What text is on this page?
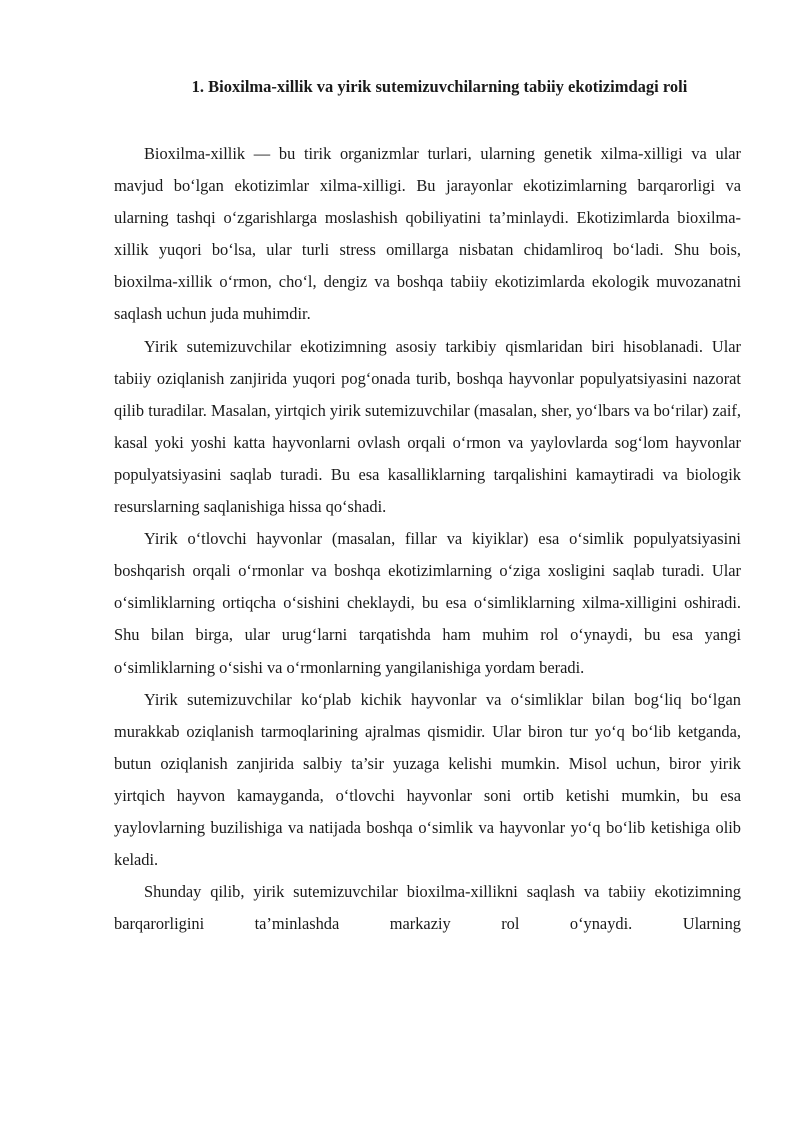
1. Bioxilma-xillik va yirik sutemizuvchilarning tabiiy ekotizimdagi roli

Bioxilma-xillik — bu tirik organizmlar turlari, ularning genetik xilma-xilligi va ular mavjud bo‘lgan ekotizimlar xilma-xilligi. Bu jarayonlar ekotizimlarning barqarorligi va ularning tashqi o‘zgarishlarga moslashish qobiliyatini ta’minlaydi. Ekotizimlarda bioxilma-xillik yuqori bo‘lsa, ular turli stress omillarga nisbatan chidamliroq bo‘ladi. Shu bois, bioxilma-xillik o‘rmon, cho‘l, dengiz va boshqa tabiiy ekotizimlarda ekologik muvozanatni saqlash uchun juda muhimdir.

Yirik sutemizuvchilar ekotizimning asosiy tarkibiy qismlaridan biri hisoblanadi. Ular tabiiy oziqlanish zanjirida yuqori pog‘onada turib, boshqa hayvonlar populyatsiyasini nazorat qilib turadilar. Masalan, yirtqich yirik sutemizuvchilar (masalan, sher, yo‘lbars va bo‘rilar) zaif, kasal yoki yoshi katta hayvonlarni ovlash orqali o‘rmon va yaylovlarda sog‘lom hayvonlar populyatsiyasini saqlab turadi. Bu esa kasalliklarning tarqalishini kamaytiradi va biologik resurslarning saqlanishiga hissa qo‘shadi.

Yirik o‘tlovchi hayvonlar (masalan, fillar va kiyiklar) esa o‘simlik populyatsiyasini boshqarish orqali o‘rmonlar va boshqa ekotizimlarning o‘ziga xosligini saqlab turadi. Ular o‘simliklarning ortiqcha o‘sishini cheklaydi, bu esa o‘simliklarning xilma-xilligini oshiradi. Shu bilan birga, ular urug‘larni tarqatishda ham muhim rol o‘ynaydi, bu esa yangi o‘simliklarning o‘sishi va o‘rmonlarning yangilanishiga yordam beradi.

Yirik sutemizuvchilar ko‘plab kichik hayvonlar va o‘simliklar bilan bog‘liq bo‘lgan murakkab oziqlanish tarmoqlarining ajralmas qismidir. Ular biron tur yo‘q bo‘lib ketganda, butun oziqlanish zanjirida salbiy ta’sir yuzaga kelishi mumkin. Misol uchun, biror yirik yirtqich hayvon kamayganda, o‘tlovchi hayvonlar soni ortib ketishi mumkin, bu esa yaylovlarning buzilishiga va natijada boshqa o‘simlik va hayvonlar yo‘q bo‘lib ketishiga olib keladi.

Shunday qilib, yirik sutemizuvchilar bioxilma-xillikni saqlash va tabiiy ekotizimning barqarorligini ta’minlashda markaziy rol o‘ynaydi. Ularning
